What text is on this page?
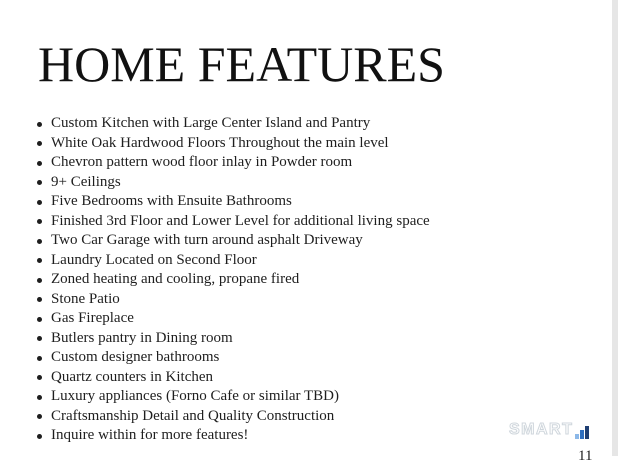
HOME FEATURES
Custom Kitchen with Large Center Island and Pantry
White Oak Hardwood Floors Throughout the main level
Chevron pattern wood floor inlay in Powder room
9+ Ceilings
Five Bedrooms with Ensuite Bathrooms
Finished 3rd Floor and Lower Level for additional living space
Two Car Garage with turn around asphalt Driveway
Laundry Located on Second Floor
Zoned heating and cooling, propane fired
Stone Patio
Gas Fireplace
Butlers pantry in Dining room
Custom designer bathrooms
Quartz counters in Kitchen
Luxury appliances (Forno Cafe or similar TBD)
Craftsmanship Detail and Quality Construction
Inquire within for more features!	SMART
11
